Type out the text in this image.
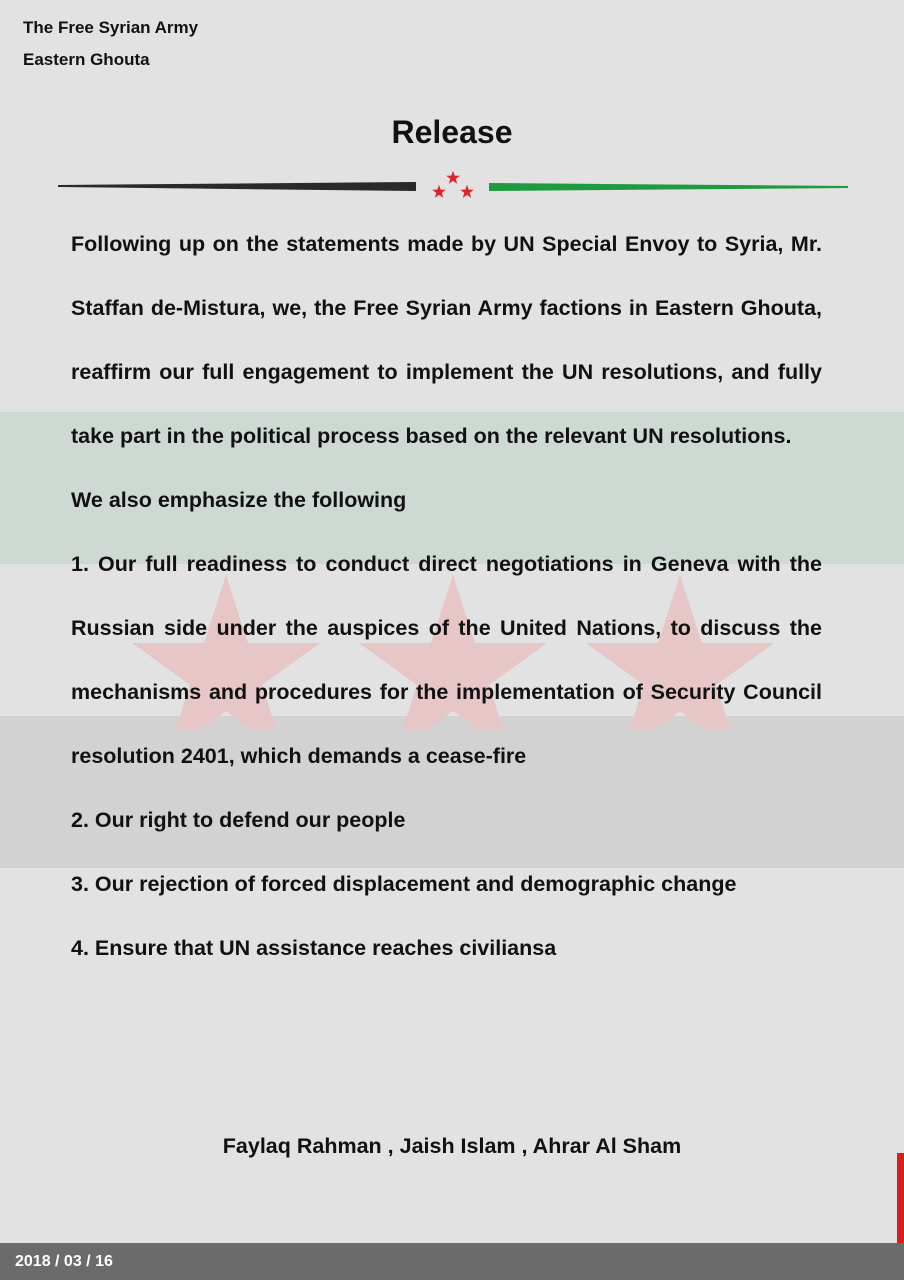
The Free Syrian Army
Eastern Ghouta
Release

Following up on the statements made by UN Special Envoy to Syria, Mr. Staffan de-Mistura, we, the Free Syrian Army factions in Eastern Ghouta, reaffirm our full engagement to implement the UN resolutions, and fully take part in the political process based on the relevant UN resolutions.

We also emphasize the following

1. Our full readiness to conduct direct negotiations in Geneva with the Russian side under the auspices of the United Nations, to discuss the mechanisms and procedures for the implementation of Security Council resolution 2401, which demands a cease-fire

2. Our right to defend our people

3. Our rejection of forced displacement and demographic change

4. Ensure that UN assistance reaches civiliansa

Faylaq Rahman , Jaish Islam , Ahrar Al Sham
2018 / 03 / 16
